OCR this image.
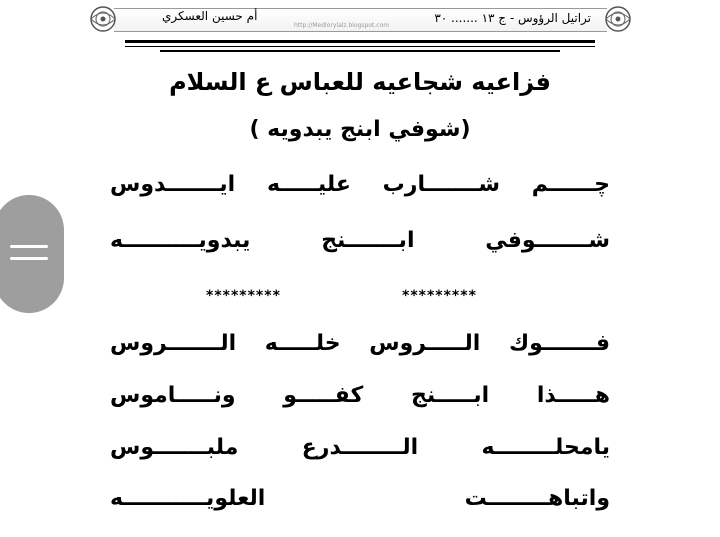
تراتيل الرؤوس - ج ١٣ ....... ٣٠
أم حسين العسكري
http://Medlorylalz.blogspot.com
فزاعيه شجاعيه للعباس ع السلام
(شوفي ابنج يبدويه )
چــــــم شـــــــارب عليـــــه ايـــــــدوس
شـــــــوفي ابـــــــنج يبدويــــــــــه
*********
*********
فـــــــوك الـــــروس خلـــــه الـــــــروس
هـــــذا ابـــــنج كفـــــو ونـــــاموس
يامحلــــــــه الــــــــدرع ملبـــــــوس
واتباهــــــــت العلويـــــــــــه
